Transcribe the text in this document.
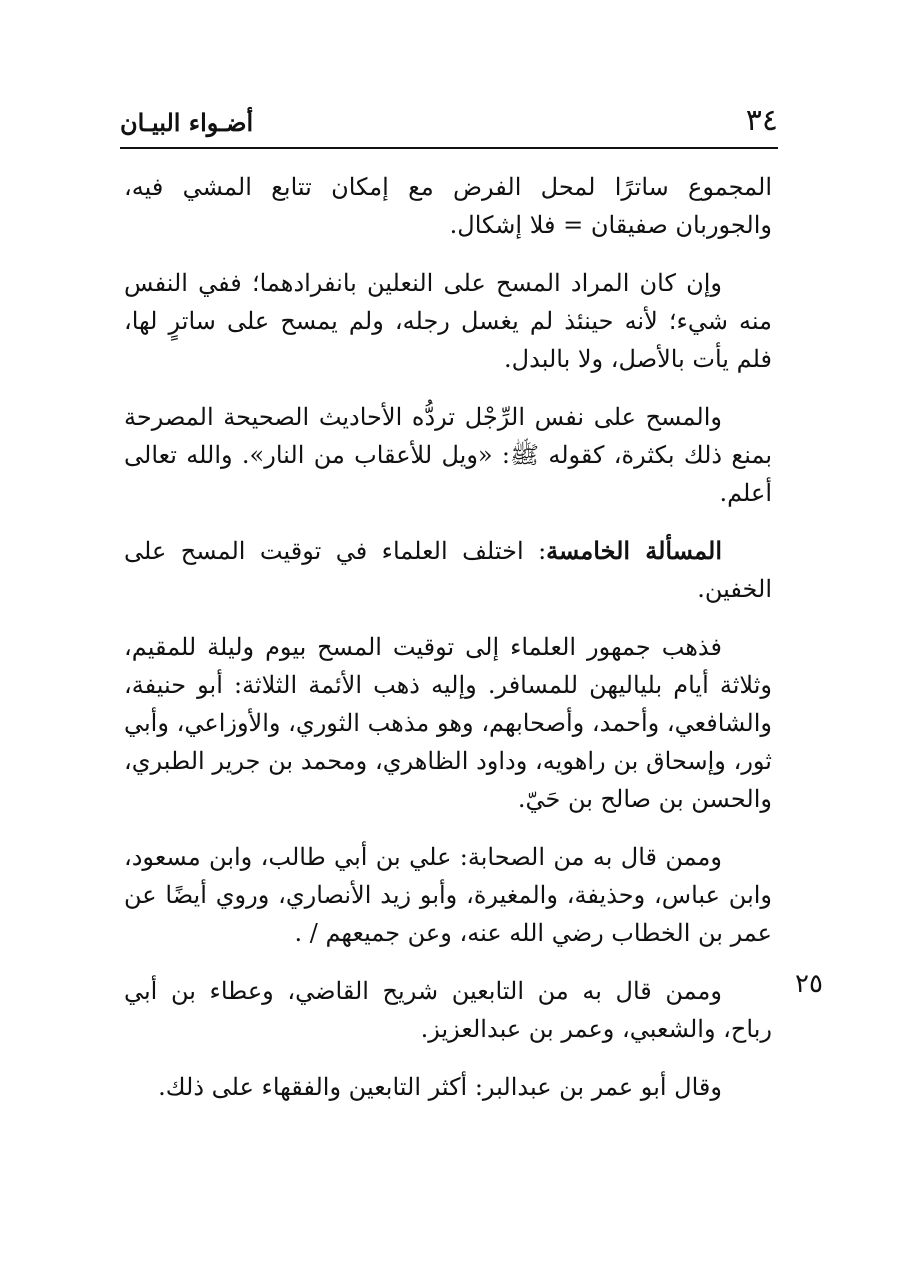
٣٤
أضـواء البيـان

المجموع ساترًا لمحل الفرض مع إمكان تتابع المشي فيه، والجوربان صفيقان = فلا إشكال.

وإن كان المراد المسح على النعلين بانفرادهما؛ ففي النفس منه شيء؛ لأنه حينئذ لم يغسل رجله، ولم يمسح على ساترٍ لها، فلم يأت بالأصل، ولا بالبدل.

والمسح على نفس الرِّجْل تردُّه الأحاديث الصحيحة المصرحة بمنع ذلك بكثرة، كقوله ﷺ: «ويل للأعقاب من النار». والله تعالى أعلم.

المسألة الخامسة: اختلف العلماء في توقيت المسح على الخفين.

فذهب جمهور العلماء إلى توقيت المسح بيوم وليلة للمقيم، وثلاثة أيام بلياليهن للمسافر. وإليه ذهب الأئمة الثلاثة: أبو حنيفة، والشافعي، وأحمد، وأصحابهم، وهو مذهب الثوري، والأوزاعي، وأبي ثور، وإسحاق بن راهويه، وداود الظاهري، ومحمد بن جرير الطبري، والحسن بن صالح بن حَيّ.

وممن قال به من الصحابة: علي بن أبي طالب، وابن مسعود، وابن عباس، وحذيفة، والمغيرة، وأبو زيد الأنصاري، وروي أيضًا عن عمر بن الخطاب رضي الله عنه، وعن جميعهم / .

وممن قال به من التابعين شريح القاضي، وعطاء بن أبي رباح، والشعبي، وعمر بن عبدالعزيز.

وقال أبو عمر بن عبدالبر: أكثر التابعين والفقهاء على ذلك.

٢٥
